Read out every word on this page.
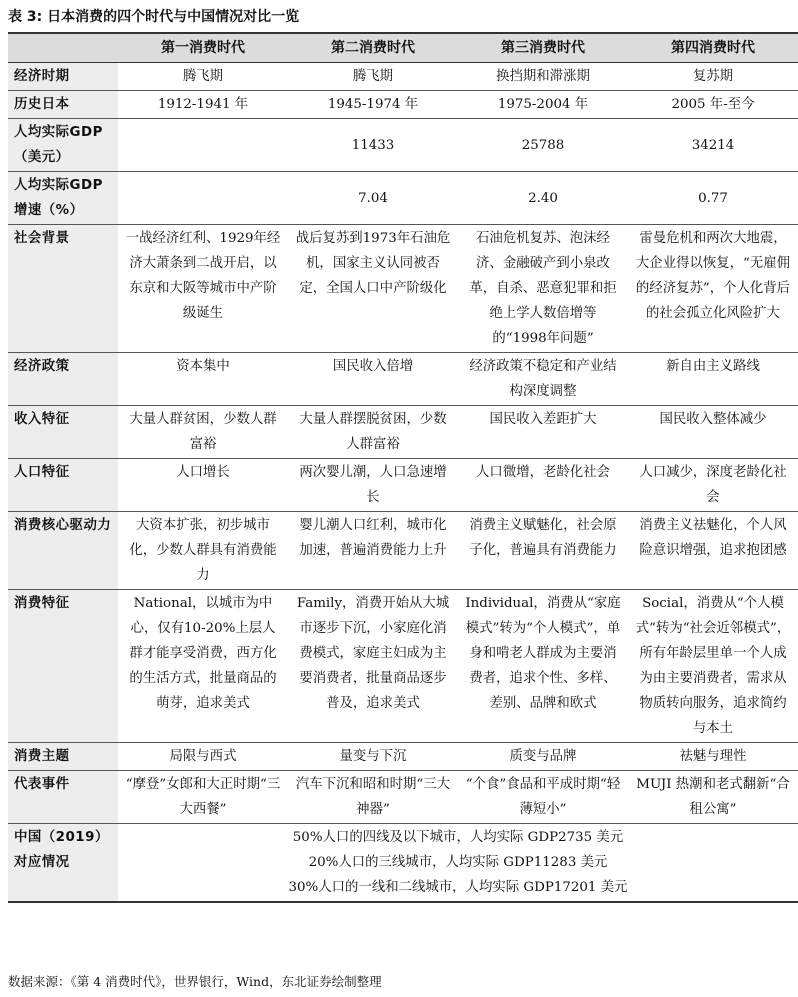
表 3: 日本消费的四个时代与中国情况对比一览
	第一消费时代	第二消费时代	第三消费时代	第四消费时代
经济时期	腾飞期	腾飞期	换挡期和滞涨期	复苏期
历史日本	1912-1941 年	1945-1974 年	1975-2004 年	2005 年-至今
人均实际GDP（美元）		11433	25788	34214
人均实际GDP增速（%）		7.04	2.40	0.77
社会背景	一战经济红利、1929年经济大萧条到二战开启，以东京和大阪等城市中产阶级诞生	战后复苏到1973年石油危机，国家主义认同被否定，全国人口中产阶级化	石油危机复苏、泡沫经济、金融破产到小泉改革，自杀、恶意犯罪和拒绝上学人数倍增等的“1998年问题”	雷曼危机和两次大地震，大企业得以恢复，“无雇佣的经济复苏”，个人化背后的社会孤立化风险扩大
经济政策	资本集中	国民收入倍增	经济政策不稳定和产业结构深度调整	新自由主义路线
收入特征	大量人群贫困，少数人群富裕	大量人群摆脱贫困，少数人群富裕	国民收入差距扩大	国民收入整体减少
人口特征	人口增长	两次婴儿潮，人口急速增长	人口微增，老龄化社会	人口减少，深度老龄化社会
消费核心驱动力	大资本扩张，初步城市化，少数人群具有消费能力	婴儿潮人口红利，城市化加速，普遍消费能力上升	消费主义赋魅化，社会原子化，普遍具有消费能力	消费主义祛魅化，个人风险意识增强，追求抱团感
消费特征	National，以城市为中心，仅有10-20%上层人群才能享受消费，西方化的生活方式，批量商品的萌芽，追求美式	Family，消费开始从大城市逐步下沉，小家庭化消费模式，家庭主妇成为主要消费者，批量商品逐步普及，追求美式	Individual，消费从“家庭模式”转为“个人模式”，单身和啃老人群成为主要消费者，追求个性、多样、差别、品牌和欧式	Social，消费从“个人模式”转为“社会近邻模式”，所有年龄层里单一个人成为由主要消费者，需求从物质转向服务，追求简约与本土
消费主题	局限与西式	量变与下沉	质变与品牌	祛魅与理性
代表事件	“摩登”女郎和大正时期“三大西餐”	汽车下沉和昭和时期“三大神器”	“个食”食品和平成时期“轻薄短小”	MUJI 热潮和老式翻新“合租公寓”
中国（2019）对应情况	50%人口的四线及以下城市，人均实际 GDP2735 美元
20%人口的三线城市，人均实际 GDP11283 美元
30%人口的一线和二线城市，人均实际 GDP17201 美元			
数据来源：《第 4 消费时代》，世界银行，Wind，东北证券绘制整理
